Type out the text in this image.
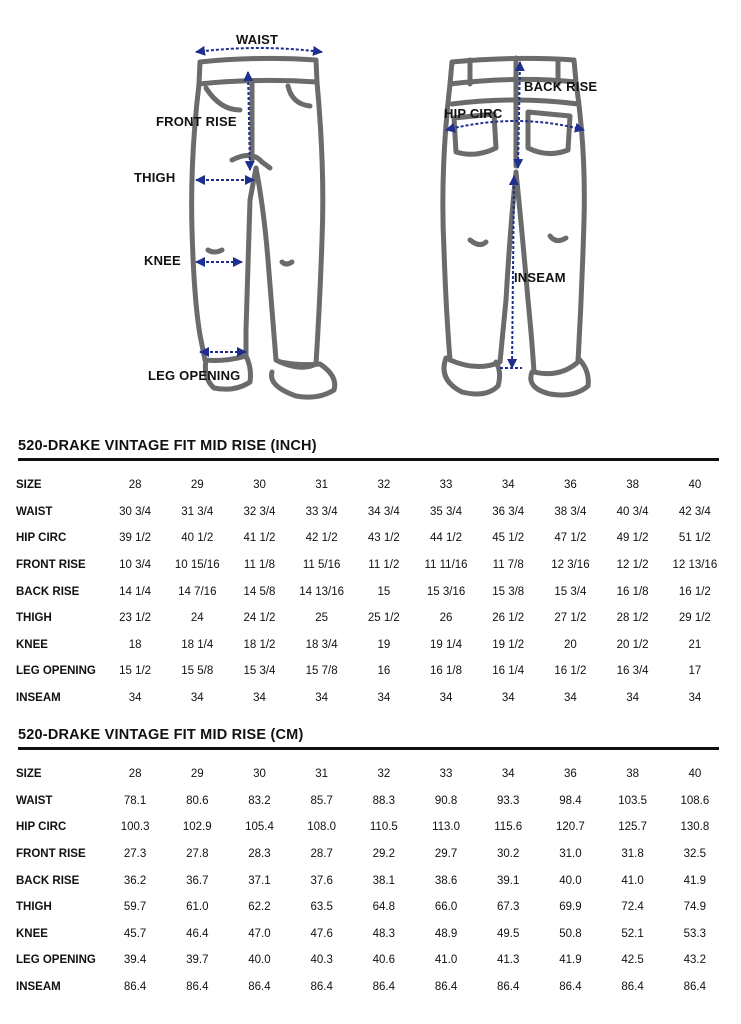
WAIST
FRONT RISE
THIGH
KNEE
LEG OPENING
BACK RISE
HIP CIRC
INSEAM
520-DRAKE VINTAGE FIT MID RISE (INCH)
SIZE	28	29	30	31	32	33	34	36	38	40
WAIST	30 3/4	31 3/4	32 3/4	33 3/4	34 3/4	35 3/4	36 3/4	38 3/4	40 3/4	42 3/4
HIP CIRC	39 1/2	40 1/2	41 1/2	42 1/2	43 1/2	44 1/2	45 1/2	47 1/2	49 1/2	51 1/2
FRONT RISE	10 3/4	10 15/16	11 1/8	11 5/16	11 1/2	11 11/16	11 7/8	12 3/16	12 1/2	12 13/16
BACK RISE	14 1/4	14 7/16	14 5/8	14 13/16	15	15 3/16	15 3/8	15 3/4	16 1/8	16 1/2
THIGH	23 1/2	24	24 1/2	25	25 1/2	26	26 1/2	27 1/2	28 1/2	29 1/2
KNEE	18	18 1/4	18 1/2	18 3/4	19	19 1/4	19 1/2	20	20 1/2	21
LEG OPENING	15 1/2	15 5/8	15 3/4	15 7/8	16	16 1/8	16 1/4	16 1/2	16 3/4	17
INSEAM	34	34	34	34	34	34	34	34	34	34
520-DRAKE VINTAGE FIT MID RISE (CM)
SIZE	28	29	30	31	32	33	34	36	38	40
WAIST	78.1	80.6	83.2	85.7	88.3	90.8	93.3	98.4	103.5	108.6
HIP CIRC	100.3	102.9	105.4	108.0	110.5	113.0	115.6	120.7	125.7	130.8
FRONT RISE	27.3	27.8	28.3	28.7	29.2	29.7	30.2	31.0	31.8	32.5
BACK RISE	36.2	36.7	37.1	37.6	38.1	38.6	39.1	40.0	41.0	41.9
THIGH	59.7	61.0	62.2	63.5	64.8	66.0	67.3	69.9	72.4	74.9
KNEE	45.7	46.4	47.0	47.6	48.3	48.9	49.5	50.8	52.1	53.3
LEG OPENING	39.4	39.7	40.0	40.3	40.6	41.0	41.3	41.9	42.5	43.2
INSEAM	86.4	86.4	86.4	86.4	86.4	86.4	86.4	86.4	86.4	86.4
